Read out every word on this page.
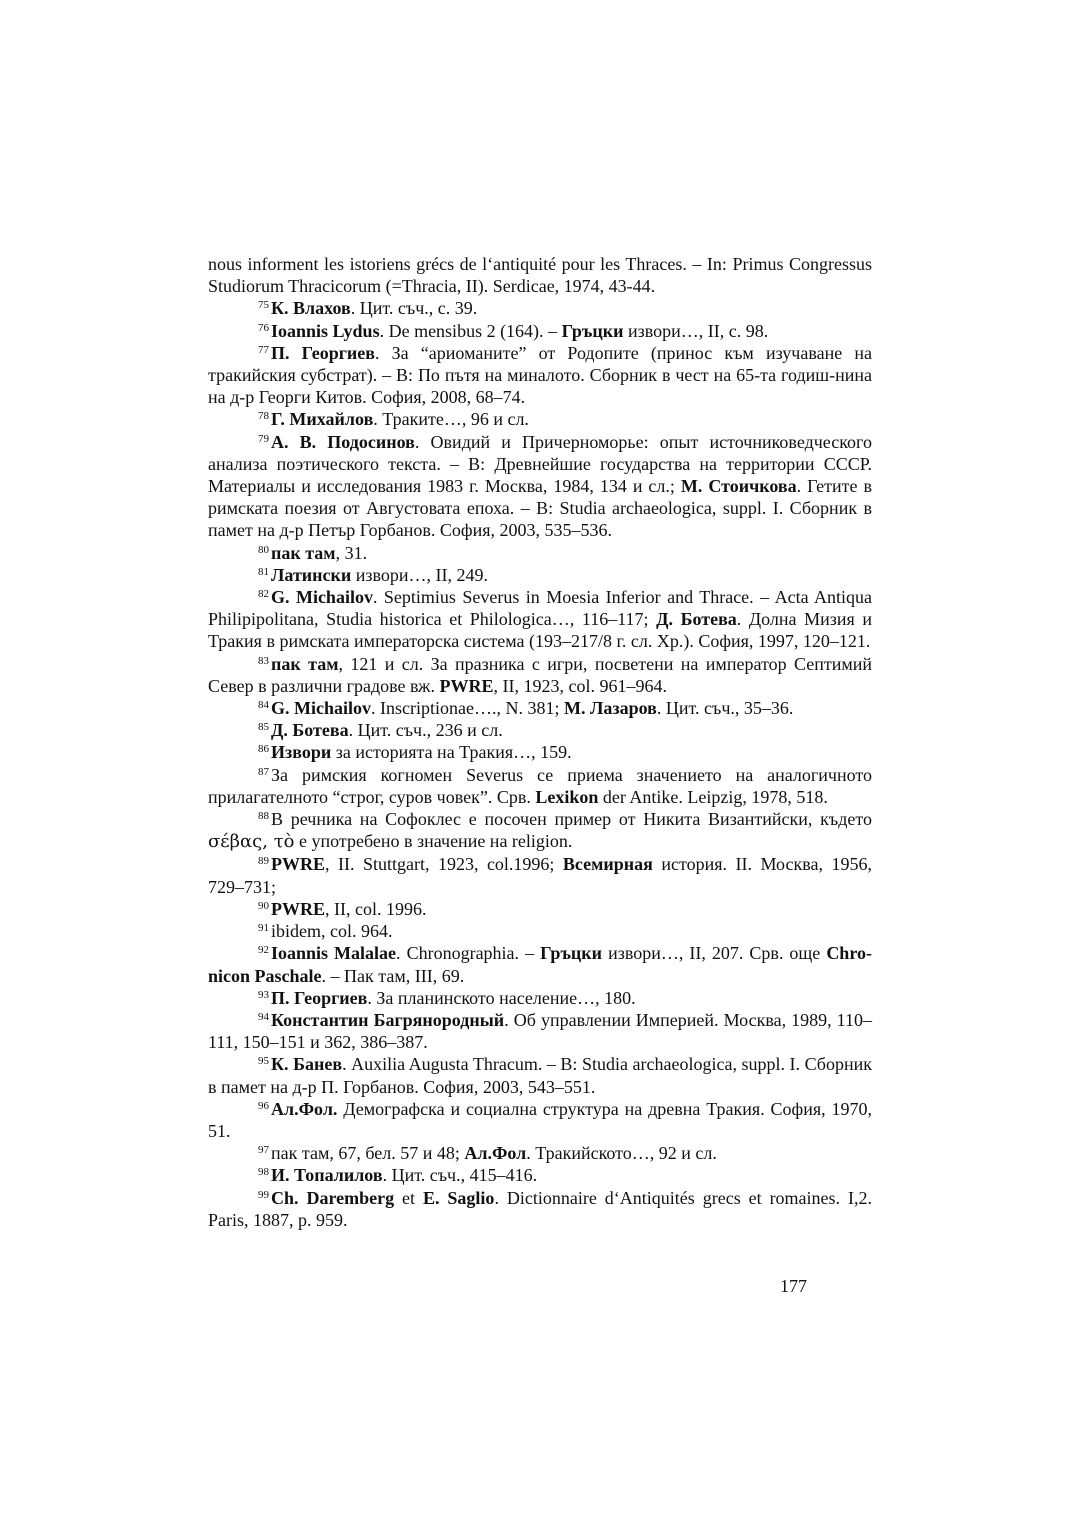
nous informent les istoriens grécs de l‘antiquité pour les Thraces. – In: Primus Congressus Studiorum Thracicorum (=Thracia, II). Serdicae, 1974, 43-44.

$^{75}$ К. Влахов. Цит. съч., с. 39.

$^{76}$ Ioannis Lydus. De mensibus 2 (164). – Гръцки извори…, II, с. 98.

$^{77}$ П. Георгиев. За “ариоманите” от Родопите (принос към изучаване на тракийския субстрат). – В: По пътя на миналото. Сборник в чест на 65-та годиш-нина на д-р Георги Китов. София, 2008, 68–74.

$^{78}$ Г. Михайлов. Траките…, 96 и сл.

$^{79}$ А. В. Подосинов. Овидий и Причерноморье: опыт источниковедческого анализа поэтического текста. – В: Древнейшие государства на территории СССР. Материалы и исследования 1983 г. Москва, 1984, 134 и сл.; М. Стоичкова. Гетите в римската поезия от Августовата епоха. – В: Studia archaeologica, suppl. I. Сборник в памет на д-р Петър Горбанов. София, 2003, 535–536.

$^{80}$ пак там, 31.

$^{81}$ Латински извори…, II, 249.

$^{82}$ G. Michailov. Septimius Severus in Moesia Inferior and Thrace. – Acta Antiqua Philipipolitana, Studia historica et Philologica…, 116–117; Д. Ботева. Долна Мизия и Тракия в римската императорска система (193–217/8 г. сл. Хр.). София, 1997, 120–121.

$^{83}$ пак там, 121 и сл. За празника с игри, посветени на император Септимий Север в различни градове вж. PWRE, II, 1923, col. 961–964.

$^{84}$ G. Michailov. Inscriptionae…., N. 381; М. Лазаров. Цит. съч., 35–36.

$^{85}$ Д. Ботева. Цит. съч., 236 и сл.

$^{86}$ Извори за историята на Тракия…, 159.

$^{87}$ За римския когномен Severus се приема значението на аналогичното прилагателното “строг, суров човек”. Срв. Lexikon der Antike. Leipzig, 1978, 518.

$^{88}$ В речника на Софоклес е посочен пример от Никита Византийски, където σέβας, τὸ е употребено в значение на religion.

$^{89}$ PWRE, II. Stuttgart, 1923, col.1996; Всемирная история. II. Москва, 1956, 729–731;

$^{90}$ PWRE, II, col. 1996.

$^{91}$ ibidem, col. 964.

$^{92}$ Ioannis Malalae. Chronographia. – Гръцки извори…, II, 207. Срв. още Chro-nicon Paschale. – Пак там, III, 69.

$^{93}$ П. Георгиев. За планинското население…, 180.

$^{94}$ Константин Багрянородный. Об управлении Империей. Москва, 1989, 110–111, 150–151 и 362, 386–387.

$^{95}$ К. Банев. Auxilia Augusta Thracum. – В: Studia archaeologica, suppl. I. Сборник в памет на д-р П. Горбанов. София, 2003, 543–551.

$^{96}$ Ал.Фол. Демографска и социална структура на древна Тракия. София, 1970, 51.

$^{97}$ пак там, 67, бел. 57 и 48; Ал.Фол. Тракийското…, 92 и сл.

$^{98}$ И. Топалилов. Цит. съч., 415–416.

$^{99}$ Ch. Daremberg et E. Saglio. Dictionnaire d‘Antiquités grecs et romaines. I,2. Paris, 1887, p. 959.

177
